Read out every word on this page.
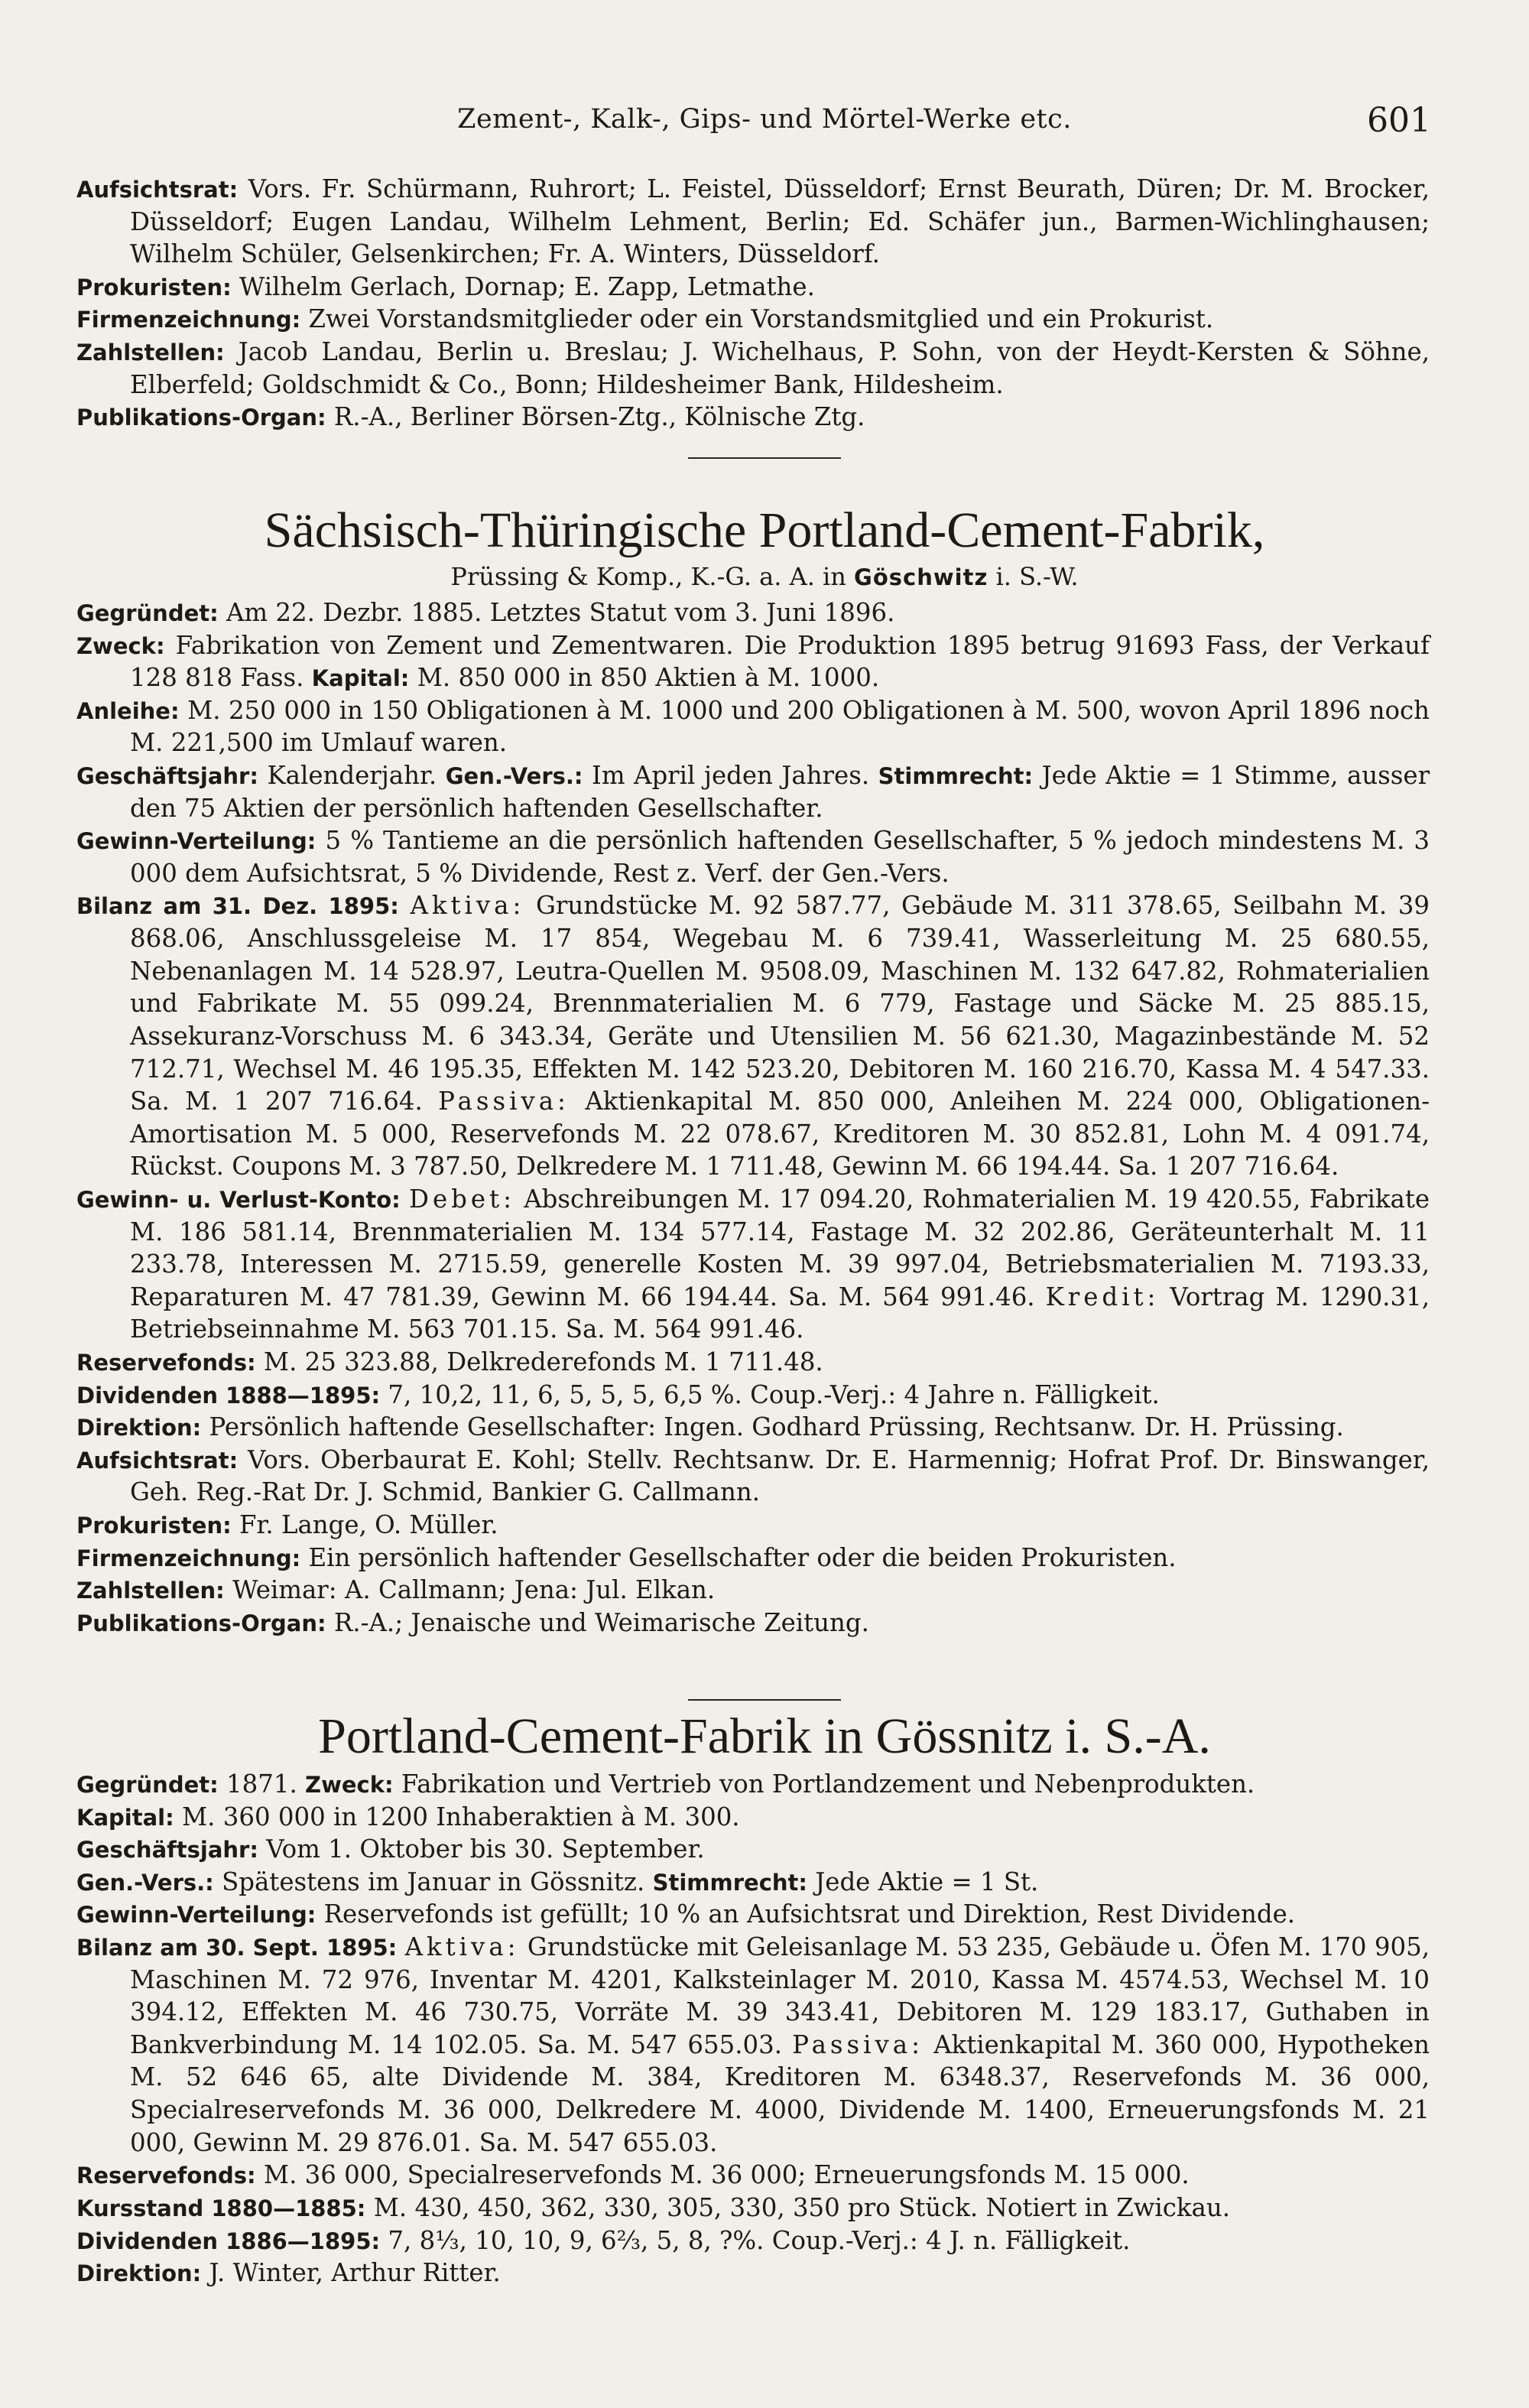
Zement-, Kalk-, Gips- und Mörtel-Werke etc.	601

Aufsichtsrat: Vors. Fr. Schürmann, Ruhrort; L. Feistel, Düsseldorf; Ernst Beurath, Düren; Dr. M. Brocker, Düsseldorf; Eugen Landau, Wilhelm Lehment, Berlin; Ed. Schäfer jun., Barmen-Wichlinghausen; Wilhelm Schüler, Gelsenkirchen; Fr. A. Winters, Düsseldorf.

Prokuristen: Wilhelm Gerlach, Dornap; E. Zapp, Letmathe.

Firmenzeichnung: Zwei Vorstandsmitglieder oder ein Vorstandsmitglied und ein Prokurist.

Zahlstellen: Jacob Landau, Berlin u. Breslau; J. Wichelhaus, P. Sohn, von der Heydt-Kersten & Söhne, Elberfeld; Goldschmidt & Co., Bonn; Hildesheimer Bank, Hildesheim.

Publikations-Organ: R.-A., Berliner Börsen-Ztg., Kölnische Ztg.

Sächsisch-Thüringische Portland-Cement-Fabrik,

Prüssing & Komp., K.-G. a. A. in Göschwitz i. S.-W.

Gegründet: Am 22. Dezbr. 1885. Letztes Statut vom 3. Juni 1896.

Zweck: Fabrikation von Zement und Zementwaren. Die Produktion 1895 betrug 91693 Fass, der Verkauf 128 818 Fass. Kapital: M. 850 000 in 850 Aktien à M. 1000.

Anleihe: M. 250 000 in 150 Obligationen à M. 1000 und 200 Obligationen à M. 500, wovon April 1896 noch M. 221,500 im Umlauf waren.

Geschäftsjahr: Kalenderjahr. Gen.-Vers.: Im April jeden Jahres. Stimmrecht: Jede Aktie = 1 Stimme, ausser den 75 Aktien der persönlich haftenden Gesellschafter.

Gewinn-Verteilung: 5 % Tantieme an die persönlich haftenden Gesellschafter, 5 % jedoch mindestens M. 3 000 dem Aufsichtsrat, 5 % Dividende, Rest z. Verf. der Gen.-Vers.

Bilanz am 31. Dez. 1895: Aktiva: Grundstücke M. 92 587.77, Gebäude M. 311 378.65, Seilbahn M. 39 868.06, Anschlussgeleise M. 17 854, Wegebau M. 6 739.41, Wasserleitung M. 25 680.55, Nebenanlagen M. 14 528.97, Leutra-Quellen M. 9508.09, Maschinen M. 132 647.82, Rohmaterialien und Fabrikate M. 55 099.24, Brennmaterialien M. 6 779, Fastage und Säcke M. 25 885.15, Assekuranz-Vorschuss M. 6 343.34, Geräte und Utensilien M. 56 621.30, Magazinbestände M. 52 712.71, Wechsel M. 46 195.35, Effekten M. 142 523.20, Debitoren M. 160 216.70, Kassa M. 4 547.33. Sa. M. 1 207 716.64. Passiva: Aktienkapital M. 850 000, Anleihen M. 224 000, Obligationen-Amortisation M. 5 000, Reservefonds M. 22 078.67, Kreditoren M. 30 852.81, Lohn M. 4 091.74, Rückst. Coupons M. 3 787.50, Delkredere M. 1 711.48, Gewinn M. 66 194.44. Sa. 1 207 716.64.

Gewinn- u. Verlust-Konto: Debet: Abschreibungen M. 17 094.20, Rohmaterialien M. 19 420.55, Fabrikate M. 186 581.14, Brennmaterialien M. 134 577.14, Fastage M. 32 202.86, Geräteunterhalt M. 11 233.78, Interessen M. 2715.59, generelle Kosten M. 39 997.04, Betriebsmaterialien M. 7193.33, Reparaturen M. 47 781.39, Gewinn M. 66 194.44. Sa. M. 564 991.46. Kredit: Vortrag M. 1290.31, Betriebseinnahme M. 563 701.15. Sa. M. 564 991.46.

Reservefonds: M. 25 323.88, Delkrederefonds M. 1 711.48.

Dividenden 1888—1895: 7, 10,2, 11, 6, 5, 5, 5, 6,5 %. Coup.-Verj.: 4 Jahre n. Fälligkeit.

Direktion: Persönlich haftende Gesellschafter: Ingen. Godhard Prüssing, Rechtsanw. Dr. H. Prüssing.

Aufsichtsrat: Vors. Oberbaurat E. Kohl; Stellv. Rechtsanw. Dr. E. Harmennig; Hofrat Prof. Dr. Binswanger, Geh. Reg.-Rat Dr. J. Schmid, Bankier G. Callmann.

Prokuristen: Fr. Lange, O. Müller.

Firmenzeichnung: Ein persönlich haftender Gesellschafter oder die beiden Prokuristen.

Zahlstellen: Weimar: A. Callmann; Jena: Jul. Elkan.

Publikations-Organ: R.-A.; Jenaische und Weimarische Zeitung.

Portland-Cement-Fabrik in Gössnitz i. S.-A.

Gegründet: 1871. Zweck: Fabrikation und Vertrieb von Portlandzement und Nebenprodukten.

Kapital: M. 360 000 in 1200 Inhaberaktien à M. 300.

Geschäftsjahr: Vom 1. Oktober bis 30. September.

Gen.-Vers.: Spätestens im Januar in Gössnitz. Stimmrecht: Jede Aktie = 1 St.

Gewinn-Verteilung: Reservefonds ist gefüllt; 10 % an Aufsichtsrat und Direktion, Rest Dividende.

Bilanz am 30. Sept. 1895: Aktiva: Grundstücke mit Geleisanlage M. 53 235, Gebäude u. Öfen M. 170 905, Maschinen M. 72 976, Inventar M. 4201, Kalksteinlager M. 2010, Kassa M. 4574.53, Wechsel M. 10 394.12, Effekten M. 46 730.75, Vorräte M. 39 343.41, Debitoren M. 129 183.17, Guthaben in Bankverbindung M. 14 102.05. Sa. M. 547 655.03. Passiva: Aktienkapital M. 360 000, Hypotheken M. 52 646 65, alte Dividende M. 384, Kreditoren M. 6348.37, Reservefonds M. 36 000, Specialreservefonds M. 36 000, Delkredere M. 4000, Dividende M. 1400, Erneuerungsfonds M. 21 000, Gewinn M. 29 876.01. Sa. M. 547 655.03.

Reservefonds: M. 36 000, Specialreservefonds M. 36 000; Erneuerungsfonds M. 15 000.

Kursstand 1880—1885: M. 430, 450, 362, 330, 305, 330, 350 pro Stück. Notiert in Zwickau.

Dividenden 1886—1895: 7, 8⅓, 10, 10, 9, 6⅔, 5, 8, ?%. Coup.-Verj.: 4 J. n. Fälligkeit.

Direktion: J. Winter, Arthur Ritter.
